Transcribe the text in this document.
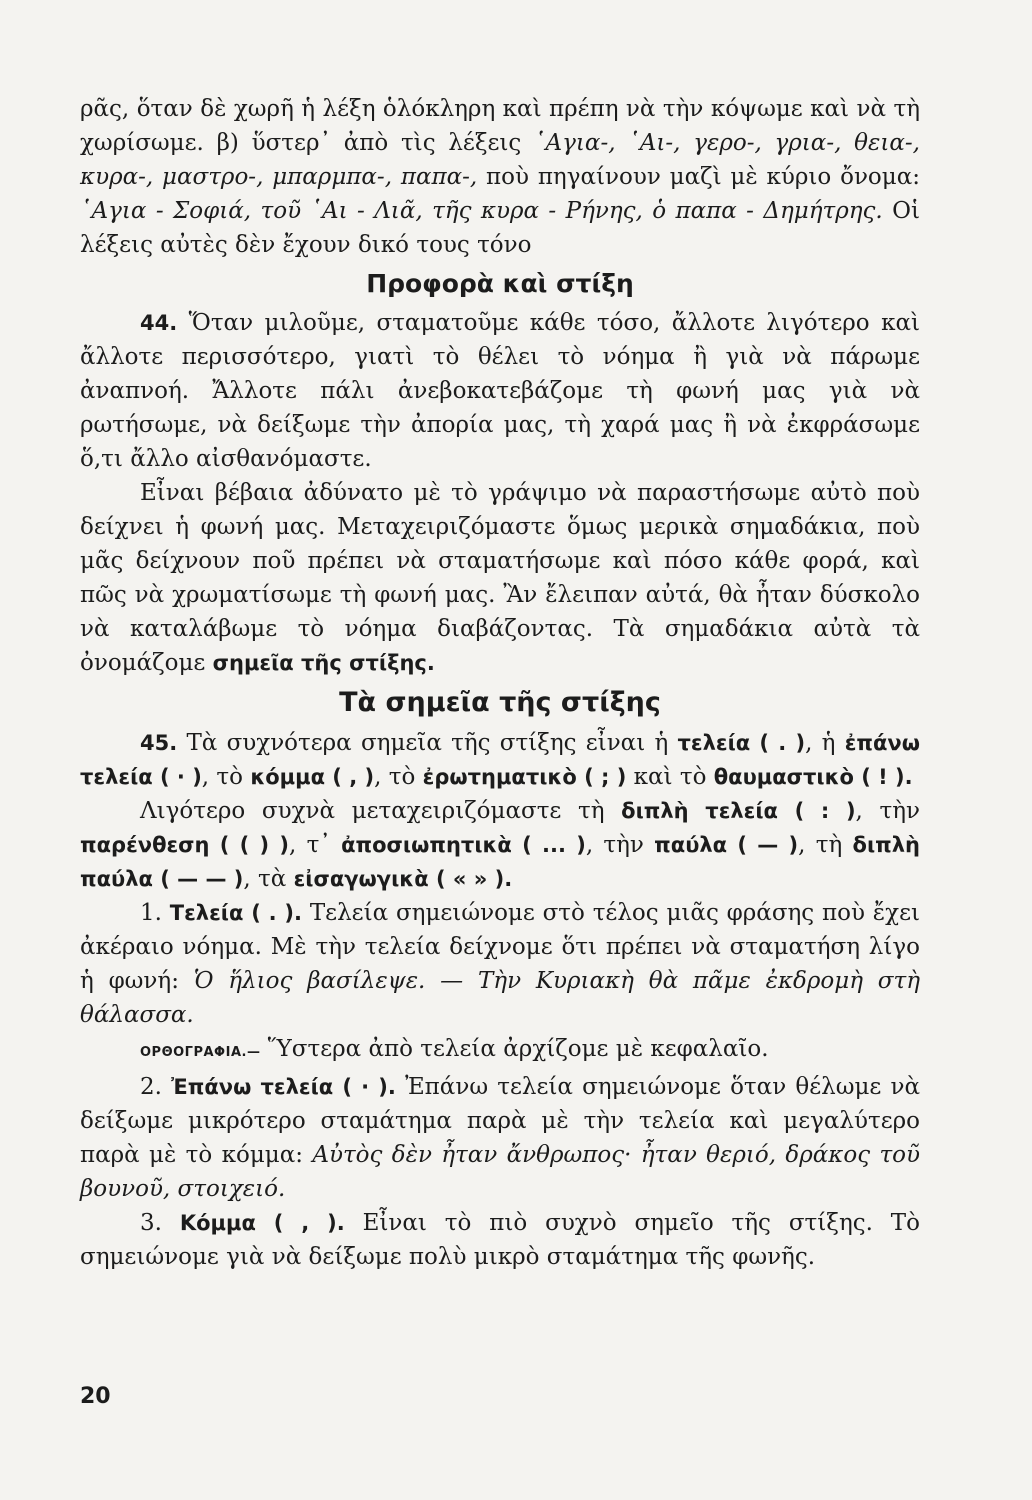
ρᾶς, ὅταν δὲ χωρῆ ἡ λέξη ὁλόκληρη καὶ πρέπη νὰ τὴν κόψωμε καὶ νὰ τὴ χωρίσωμε. β) ὕστερ᾽ ἀπὸ τὶς λέξεις ῾Αγια-, ῾Αι-, γερο-, γρια-, θεια-, κυρα-, μαστρο-, μπαρμπα-, παπα-, ποὺ πηγαίνουν μαζὶ μὲ κύριο ὄνομα: ῾Αγια - Σοφιά, τοῦ ῾Αι - Λιᾶ, τῆς κυρα - Ρήνης, ὁ παπα - Δημήτρης. Οἱ λέξεις αὐτὲς δὲν ἔχουν δικό τους τόνο

Προφορὰ καὶ στίξη

44. Ὅταν μιλοῦμε, σταματοῦμε κάθε τόσο, ἄλλοτε λιγότερο καὶ ἄλλοτε περισσότερο, γιατὶ τὸ θέλει τὸ νόημα ἢ γιὰ νὰ πάρωμε ἀναπνοή. Ἄλλοτε πάλι ἀνεβοκατεβάζομε τὴ φωνή μας γιὰ νὰ ρωτήσωμε, νὰ δείξωμε τὴν ἀπορία μας, τὴ χαρά μας ἢ νὰ ἐκφράσωμε ὅ,τι ἄλλο αἰσθανόμαστε.

Εἶναι βέβαια ἀδύνατο μὲ τὸ γράψιμο νὰ παραστήσωμε αὐτὸ ποὺ δείχνει ἡ φωνή μας. Μεταχειριζόμαστε ὅμως μερικὰ σημαδάκια, ποὺ μᾶς δείχνουν ποῦ πρέπει νὰ σταματήσωμε καὶ πόσο κάθε φορά, καὶ πῶς νὰ χρωματίσωμε τὴ φωνή μας. Ἂν ἔλειπαν αὐτά, θὰ ἦταν δύσκολο νὰ καταλάβωμε τὸ νόημα διαβάζοντας. Τὰ σημαδάκια αὐτὰ τὰ ὀνομάζομε σημεῖα τῆς στίξης.

Τὰ σημεῖα τῆς στίξης

45. Τὰ συχνότερα σημεῖα τῆς στίξης εἶναι ἡ τελεία ( . ), ἡ ἐπάνω τελεία ( · ), τὸ κόμμα ( , ), τὸ ἐρωτηματικὸ ( ; ) καὶ τὸ θαυμαστικὸ ( ! ).

Λιγότερο συχνὰ μεταχειριζόμαστε τὴ διπλὴ τελεία ( : ), τὴν παρένθεση ( ( ) ), τ᾽ ἀποσιωπητικὰ ( ... ), τὴν παύλα ( — ), τὴ διπλὴ παύλα ( — — ), τὰ εἰσαγωγικὰ ( « » ).

1. Τελεία ( . ). Τελεία σημειώνομε στὸ τέλος μιᾶς φράσης ποὺ ἔχει ἀκέραιο νόημα. Μὲ τὴν τελεία δείχνομε ὅτι πρέπει νὰ σταματήση λίγο ἡ φωνή: Ὁ ἥλιος βασίλεψε. — Τὴν Κυριακὴ θὰ πᾶμε ἐκδρομὴ στὴ θάλασσα.

ΟΡΘΟΓΡΑΦΙΑ.— Ὕστερα ἀπὸ τελεία ἀρχίζομε μὲ κεφαλαῖο.

2. Ἐπάνω τελεία ( · ). Ἐπάνω τελεία σημειώνομε ὅταν θέλωμε νὰ δείξωμε μικρότερο σταμάτημα παρὰ μὲ τὴν τελεία καὶ μεγαλύτερο παρὰ μὲ τὸ κόμμα: Αὐτὸς δὲν ἦταν ἄνθρωπος· ἦταν θεριό, δράκος τοῦ βουνοῦ, στοιχειό.

3. Κόμμα ( , ). Εἶναι τὸ πιὸ συχνὸ σημεῖο τῆς στίξης. Τὸ σημειώνομε γιὰ νὰ δείξωμε πολὺ μικρὸ σταμάτημα τῆς φωνῆς.

20
